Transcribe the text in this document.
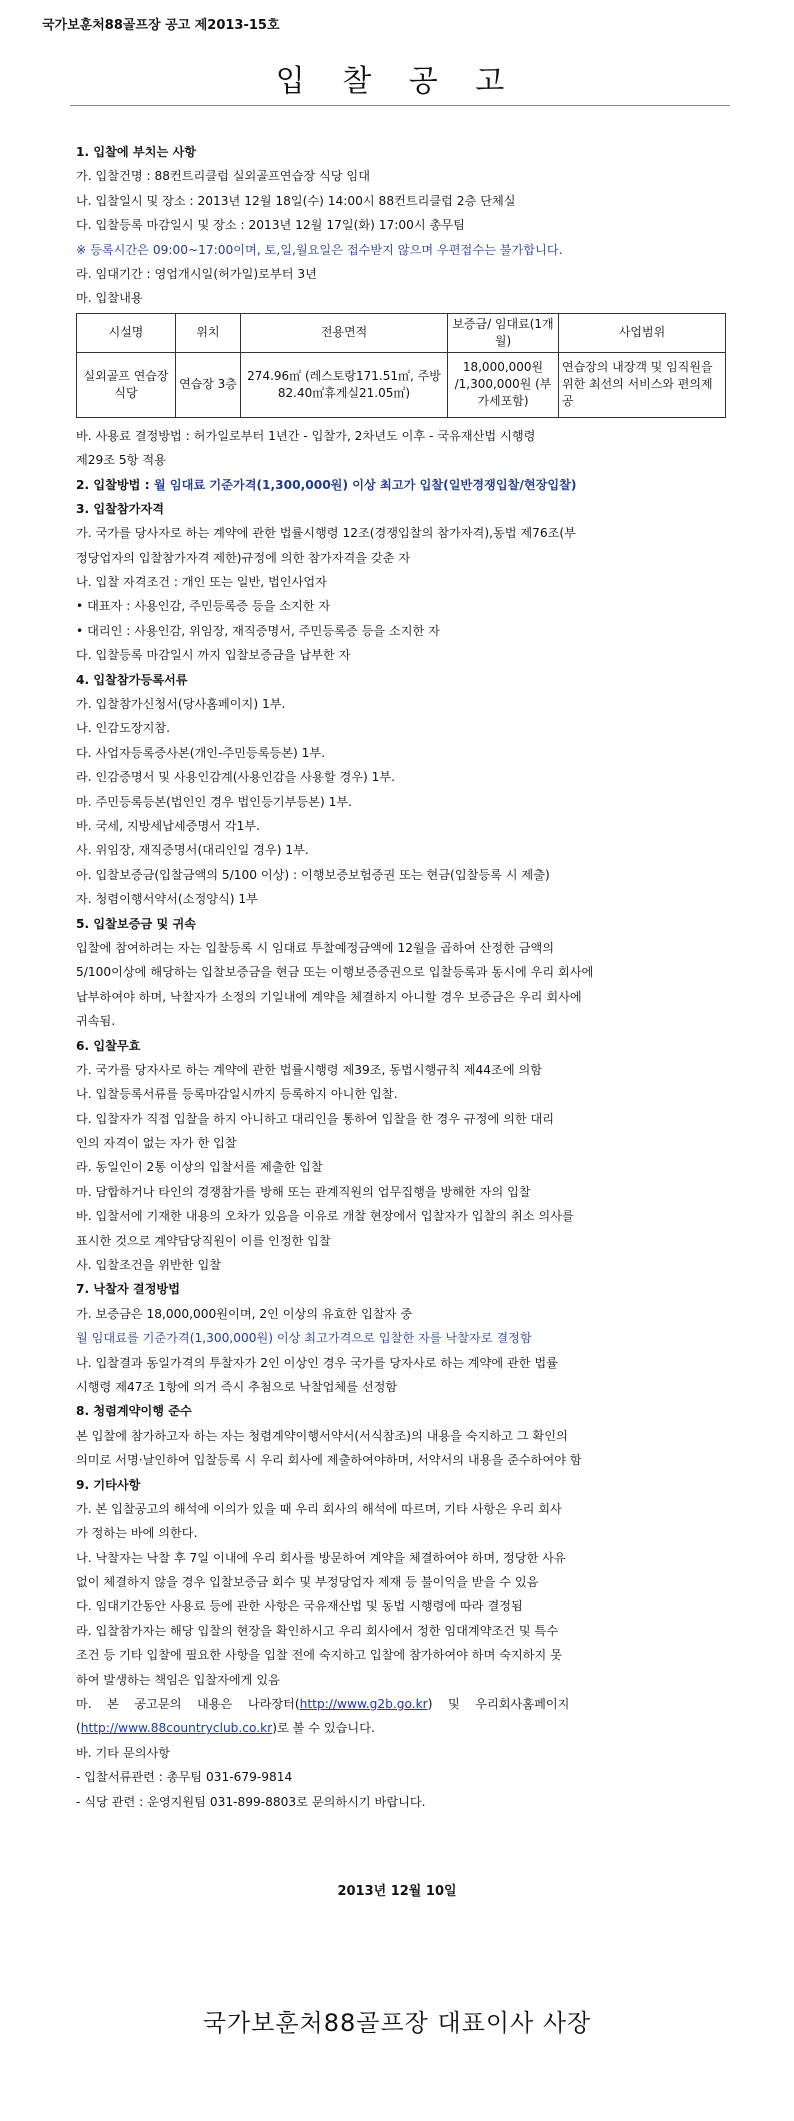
국가보훈처88골프장 공고 제2013-15호
입 찰 공 고
1. 입찰에 부치는 사항
가. 입찰건명 : 88컨트리클럽 실외골프연습장 식당 임대
나. 입찰일시 및 장소 : 2013년 12월 18일(수) 14:00시 88컨트리클럽 2층 단체실
다. 입찰등록 마감일시 및 장소 : 2013년 12월 17일(화) 17:00시 총무팀
※ 등록시간은 09:00~17:00이며, 토,일,월요일은 접수받지 않으며 우편접수는 불가합니다.
라. 임대기간 : 영업개시일(허가일)로부터 3년
마. 입찰내용
시설명	위치	전용면적	보증금/ 임대료(1개월)	사업범위
실외골프 연습장 식당	연습장 3층	274.96㎡ (레스토랑171.51㎡, 주방82.40㎡휴게실21.05㎡)	18,000,000원 /1,300,000원 (부가세포함)	연습장의 내장객 및 임직원을 위한 최선의 서비스와 편의제공
바. 사용료 결정방법 : 허가일로부터 1년간 - 입찰가, 2차년도 이후 - 국유재산법 시행령
제29조 5항 적용
2. 입찰방법 : 월 임대료 기준가격(1,300,000원) 이상 최고가 입찰(일반경쟁입찰/현장입찰)
3. 입찰참가자격
가. 국가를 당사자로 하는 계약에 관한 법률시행령 12조(경쟁입찰의 참가자격),동법 제76조(부
정당업자의 입찰참가자격 제한)규정에 의한 참가자격을 갖춘 자
나. 입찰 자격조건 : 개인 또는 일반, 법인사업자
• 대표자 : 사용인감, 주민등록증 등을 소지한 자
• 대리인 : 사용인감, 위임장, 재직증명서, 주민등록증 등을 소지한 자
다. 입찰등록 마감일시 까지 입찰보증금을 납부한 자
4. 입찰참가등록서류
가. 입찰참가신청서(당사홈페이지) 1부.
나. 인감도장지참.
다. 사업자등록증사본(개인-주민등록등본) 1부.
라. 인감증명서 및 사용인감계(사용인감을 사용할 경우) 1부.
마. 주민등록등본(법인인 경우 법인등기부등본) 1부.
바. 국세, 지방세납세증명서 각1부.
사. 위임장, 재직증명서(대리인일 경우) 1부.
아. 입찰보증금(입찰금액의 5/100 이상) : 이행보증보험증권 또는 현금(입찰등록 시 제출)
자. 청렴이행서약서(소정양식) 1부
5. 입찰보증금 및 귀속
입찰에 참여하려는 자는 입찰등록 시 임대료 투찰예정금액에 12월을 곱하여 산정한 금액의
5/100이상에 해당하는 입찰보증금을 현금 또는 이행보증증권으로 입찰등록과 동시에 우리 회사에
납부하여야 하며, 낙찰자가 소정의 기일내에 계약을 체결하지 아니할 경우 보증금은 우리 회사에
귀속됨.
6. 입찰무효
가. 국가를 당자사로 하는 계약에 관한 법률시행령 제39조, 동법시행규칙 제44조에 의함
나. 입찰등록서류를 등록마감일시까지 등록하지 아니한 입찰.
다. 입찰자가 직접 입찰을 하지 아니하고 대리인을 통하여 입찰을 한 경우 규정에 의한 대리
인의 자격이 없는 자가 한 입찰
라. 동일인이 2통 이상의 입찰서를 제출한 입찰
마. 담합하거나 타인의 경쟁참가를 방해 또는 관계직원의 업무집행을 방해한 자의 입찰
바. 입찰서에 기재한 내용의 오차가 있음을 이유로 개찰 현장에서 입찰자가 입찰의 취소 의사를
표시한 것으로 계약담당직원이 이를 인정한 입찰
사. 입찰조건을 위반한 입찰
7. 낙찰자 결정방법
가. 보증금은 18,000,000원이며, 2인 이상의 유효한 입찰자 중
월 임대료를 기준가격(1,300,000원) 이상 최고가격으로 입찰한 자를 낙찰자로 결정함
나. 입찰결과 동일가격의 투찰자가 2인 이상인 경우 국가를 당자사로 하는 계약에 관한 법률
시행령 제47조 1항에 의거 즉시 추첨으로 낙찰업체를 선정함
8. 청렴계약이행 준수
본 입찰에 참가하고자 하는 자는 청렴계약이행서약서(서식참조)의 내용을 숙지하고 그 확인의
의미로 서명·날인하여 입찰등록 시 우리 회사에 제출하여야하며, 서약서의 내용을 준수하여야 함
9. 기타사항
가. 본 입찰공고의 해석에 이의가 있을 때 우리 회사의 해석에 따르며, 기타 사항은 우리 회사
가 정하는 바에 의한다.
나. 낙찰자는 낙찰 후 7일 이내에 우리 회사를 방문하여 계약을 체결하여야 하며, 정당한 사유
없이 체결하지 않을 경우 입찰보증금 회수 및 부정당업자 제재 등 불이익을 받을 수 있음
다. 임대기간동안 사용료 등에 관한 사항은 국유재산법 및 동법 시행령에 따라 결정됨
라. 입찰참가자는 해당 입찰의 현장을 확인하시고 우리 회사에서 정한 임대계약조건 및 특수
조건 등 기타 입찰에 필요한 사항을 입찰 전에 숙지하고 입찰에 참가하여야 하며 숙지하지 못
하여 발생하는 책임은 입찰자에게 있음
마.    본    공고문의    내용은    나라장터(http://www.g2b.go.kr)    및    우리회사홈페이지
(http://www.88countryclub.co.kr)로 볼 수 있습니다.
바. 기타 문의사항
- 입찰서류관련 : 총무팀 031-679-9814
- 식당 관련 : 운영지원팀 031-899-8803로 문의하시기 바랍니다.
2013년 12월 10일
국가보훈처88골프장 대표이사 사장
